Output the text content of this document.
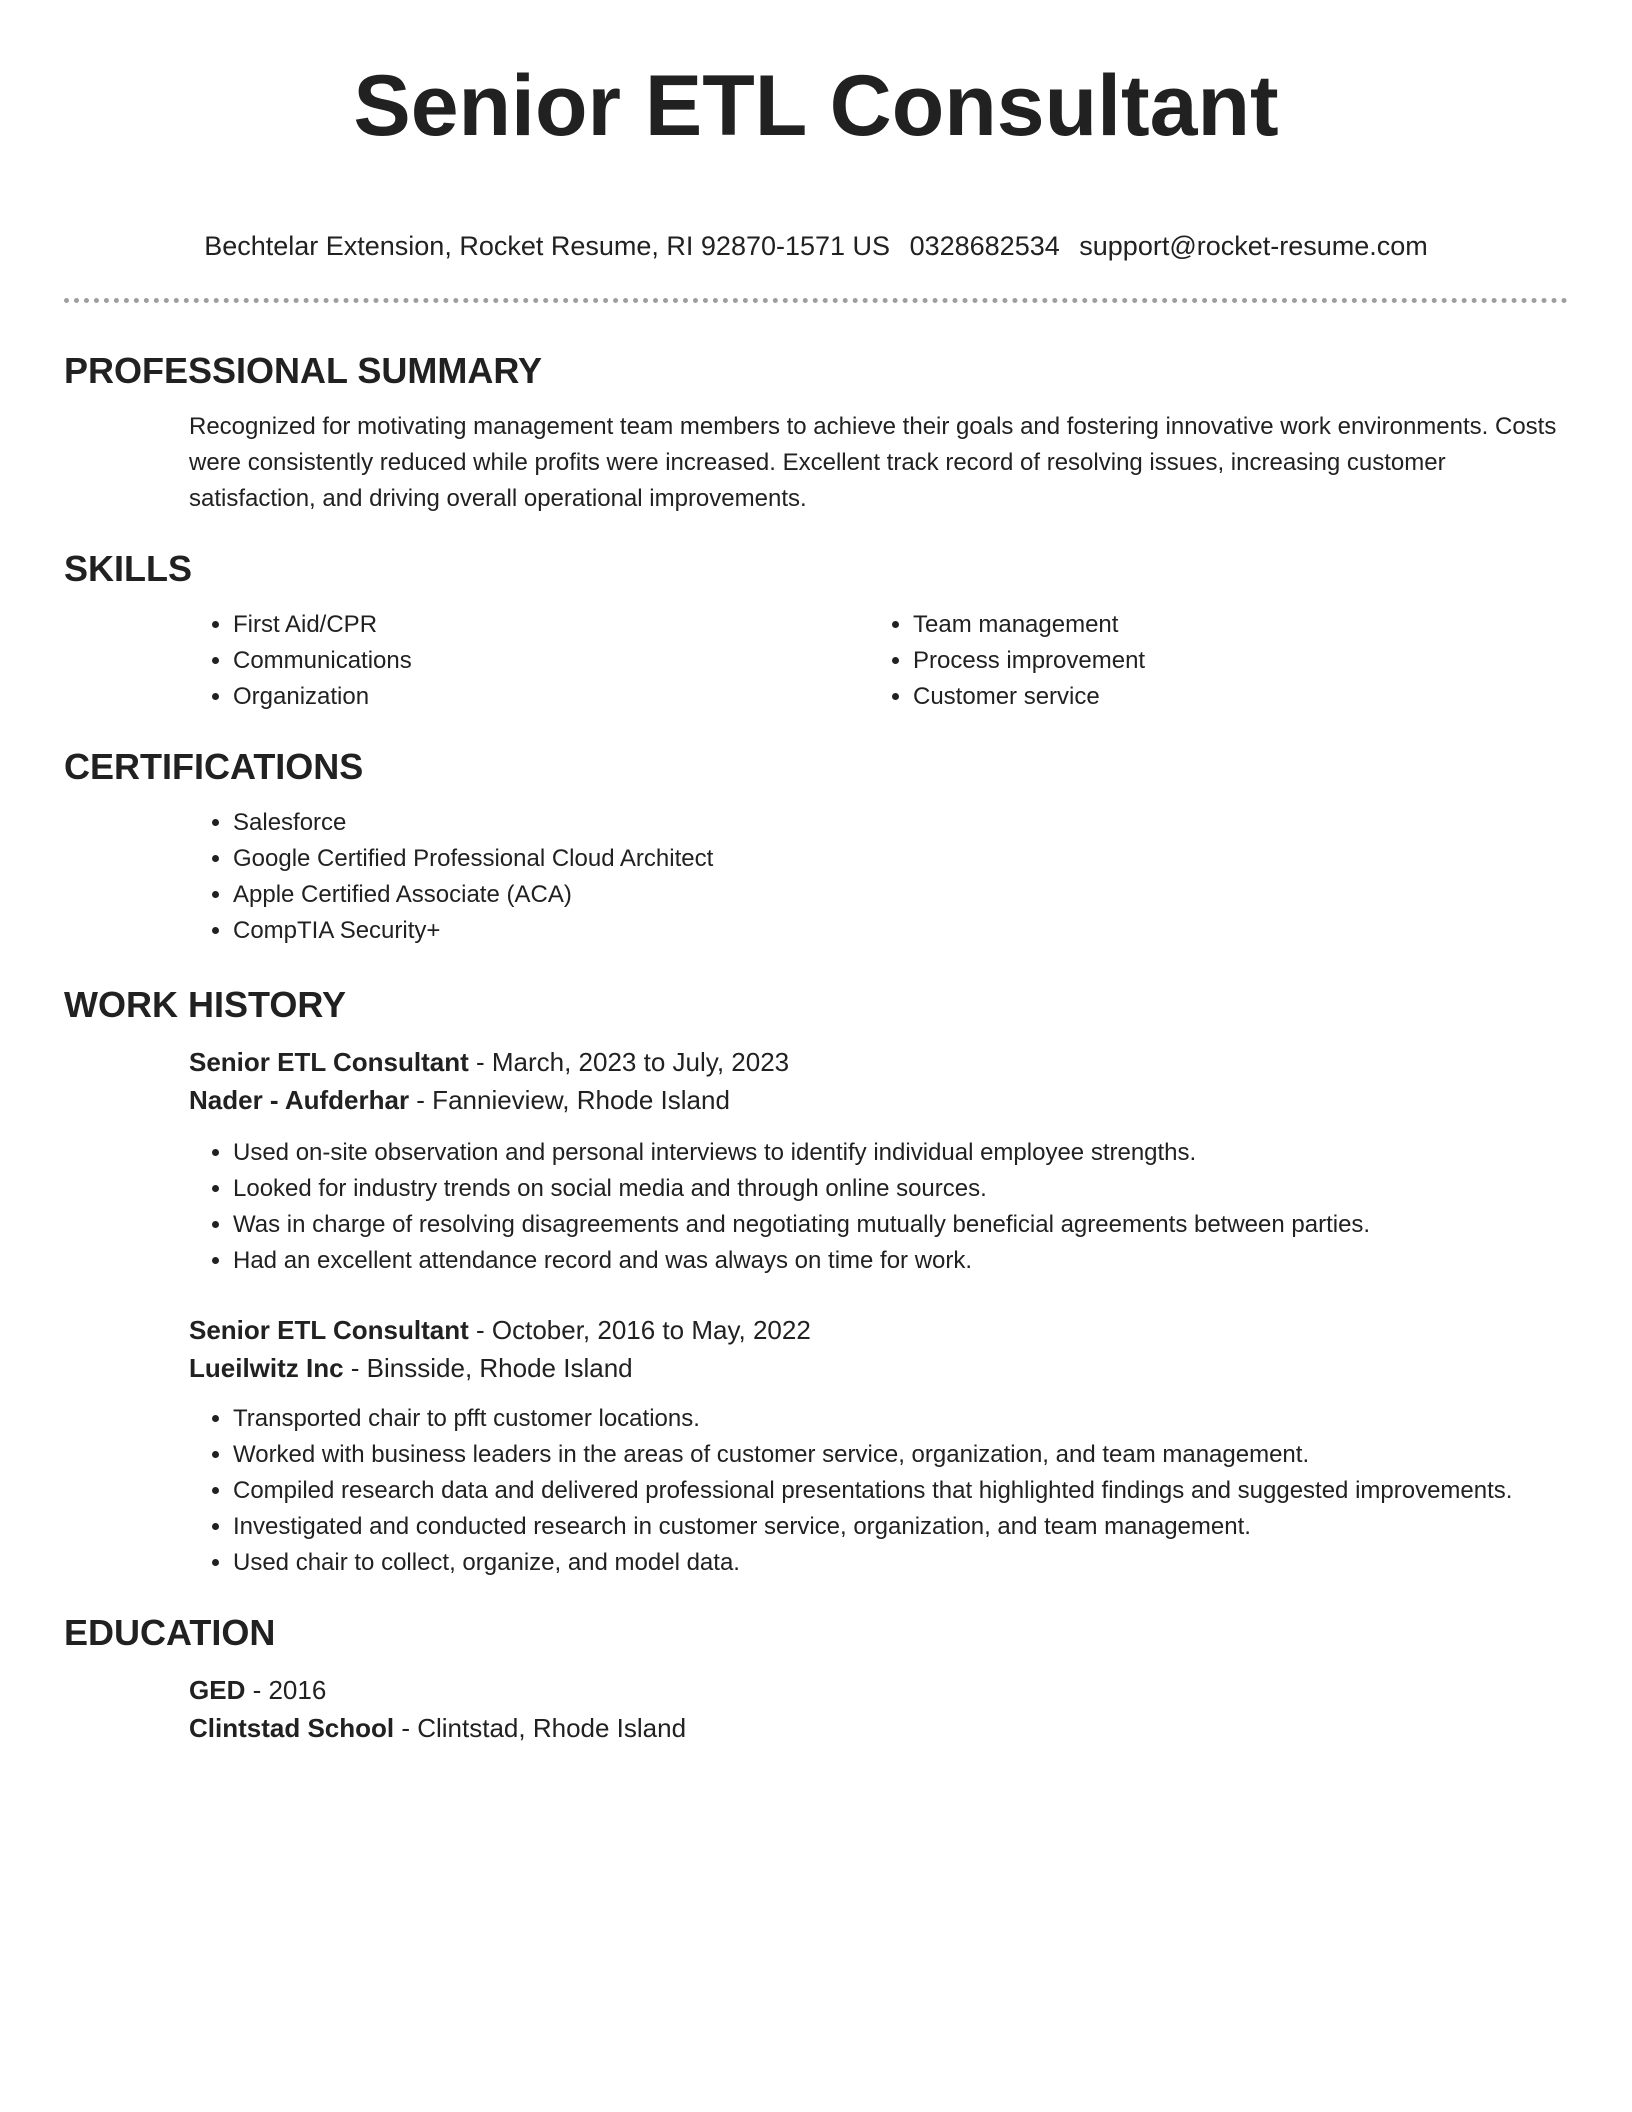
Senior ETL Consultant
Bechtelar Extension, Rocket Resume, RI 92870-1571 US 0328682534 support@rocket-resume.com
PROFESSIONAL SUMMARY

Recognized for motivating management team members to achieve their goals and fostering innovative work environments. Costs were consistently reduced while profits were increased. Excellent track record of resolving issues, increasing customer satisfaction, and driving overall operational improvements.

SKILLS
• First Aid/CPR
• Communications
• Organization
• Team management
• Process improvement
• Customer service
CERTIFICATIONS
• Salesforce
• Google Certified Professional Cloud Architect
• Apple Certified Associate (ACA)
• CompTIA Security+
WORK HISTORY
Senior ETL Consultant - March, 2023 to July, 2023
Nader - Aufderhar - Fannieview, Rhode Island
• Used on-site observation and personal interviews to identify individual employee strengths.
• Looked for industry trends on social media and through online sources.
• Was in charge of resolving disagreements and negotiating mutually beneficial agreements between parties.
• Had an excellent attendance record and was always on time for work.
Senior ETL Consultant - October, 2016 to May, 2022
Lueilwitz Inc - Binsside, Rhode Island
• Transported chair to pfft customer locations.
• Worked with business leaders in the areas of customer service, organization, and team management.
• Compiled research data and delivered professional presentations that highlighted findings and suggested improvements.
• Investigated and conducted research in customer service, organization, and team management.
• Used chair to collect, organize, and model data.
EDUCATION
GED - 2016
Clintstad School - Clintstad, Rhode Island
